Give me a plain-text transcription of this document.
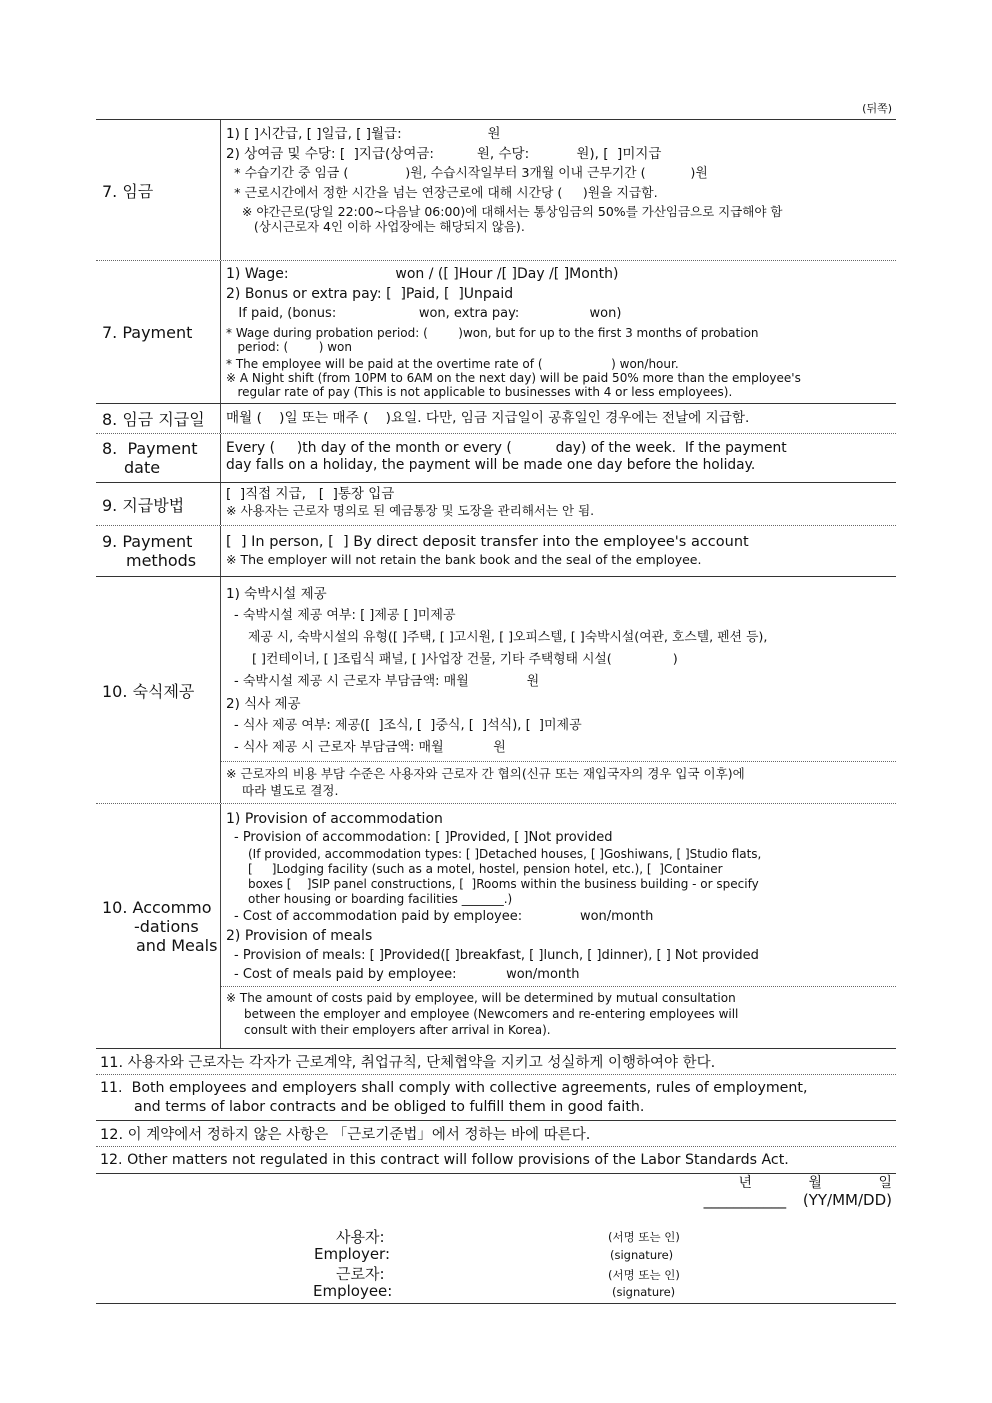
(뒤쪽)
7. 임금
1) [ ]시간급, [ ]일급, [ ]월급:                    원
2) 상여금 및 수당: [  ]지급(상여금:          원, 수당:           원), [  ]미지급
* 수습기간 중 임금 (              )원, 수습시작일부터 3개월 이내 근무기간 (           )원
* 근로시간에서 정한 시간을 넘는 연장근로에 대해 시간당 (     )원을 지급함.
※ 야간근로(당일 22:00~다음날 06:00)에 대해서는 통상임금의 50%를 가산임금으로 지급해야 함
(상시근로자 4인 이하 사업장에는 해당되지 않음).
7. Payment
1) Wage:                        won / ([ ]Hour /[ ]Day /[ ]Month)
2) Bonus or extra pay: [  ]Paid, [  ]Unpaid
If paid, (bonus:                    won, extra pay:                 won)
* Wage during probation period: (        )won, but for up to the first 3 months of probation
period: (        ) won
* The employee will be paid at the overtime rate of (                  ) won/hour.
※ A Night shift (from 10PM to 6AM on the next day) will be paid 50% more than the employee's
regular rate of pay (This is not applicable to businesses with 4 or less employees).
8. 임금 지급일 매월 (    )일 또는 매주 (    )요일. 다만, 임금 지급일이 공휴일인 경우에는 전날에 지급함.
8.  Payment
date
Every (     )th day of the month or every (          day) of the week.  If the payment
day falls on a holiday, the payment will be made one day before the holiday.
9. 지급방법
[  ]직접 지급,   [  ]통장 입금
※ 사용자는 근로자 명의로 된 예금통장 및 도장을 관리해서는 안 됨.
9. Payment
methods
[  ] In person, [  ] By direct deposit transfer into the employee's account
※ The employer will not retain the bank book and the seal of the employee.
10. 숙식제공
1) 숙박시설 제공
- 숙박시설 제공 여부: [ ]제공 [ ]미제공
제공 시, 숙박시설의 유형([ ]주택, [ ]고시원, [ ]오피스텔, [ ]숙박시설(여관, 호스텔, 펜션 등),
[ ]컨테이너, [ ]조립식 패널, [ ]사업장 건물, 기타 주택형태 시설(               )
- 숙박시설 제공 시 근로자 부담금액: 매월              원
2) 식사 제공
- 식사 제공 여부: 제공([  ]조식, [  ]중식, [  ]석식), [  ]미제공
- 식사 제공 시 근로자 부담금액: 매월            원
※ 근로자의 비용 부담 수준은 사용자와 근로자 간 협의(신규 또는 재입국자의 경우 입국 이후)에
따라 별도로 결정.
10. Accommo
-dations
and Meals
1) Provision of accommodation
- Provision of accommodation: [ ]Provided, [ ]Not provided
(If provided, accommodation types: [ ]Detached houses, [ ]Goshiwans, [ ]Studio flats,
[     ]Lodging facility (such as a motel, hostel, pension hotel, etc.), [  ]Container
boxes [    ]SIP panel constructions, [  ]Rooms within the business building - or specify
other housing or boarding facilities _______.)
- Cost of accommodation paid by employee:              won/month
2) Provision of meals
- Provision of meals: [ ]Provided([ ]breakfast, [ ]lunch, [ ]dinner), [ ] Not provided
- Cost of meals paid by employee:            won/month
※ The amount of costs paid by employee, will be determined by mutual consultation
between the employer and employee (Newcomers and re-entering employees will
consult with their employers after arrival in Korea).
11. 사용자와 근로자는 각자가 근로계약, 취업규칙, 단체협약을 지키고 성실하게 이행하여야 한다.
11.  Both employees and employers shall comply with collective agreements, rules of employment,
and terms of labor contracts and be obliged to fulfill them in good faith.
12. 이 계약에서 정하지 않은 사항은 「근로기준법」에서 정하는 바에 따른다.
12. Other matters not regulated in this contract will follow provisions of the Labor Standards Act.
년	월	일
___________ (YY/MM/DD)
사용자:
Employer:
근로자:
Employee:
(서명 또는 인)
(signature)
(서명 또는 인)
(signature)
